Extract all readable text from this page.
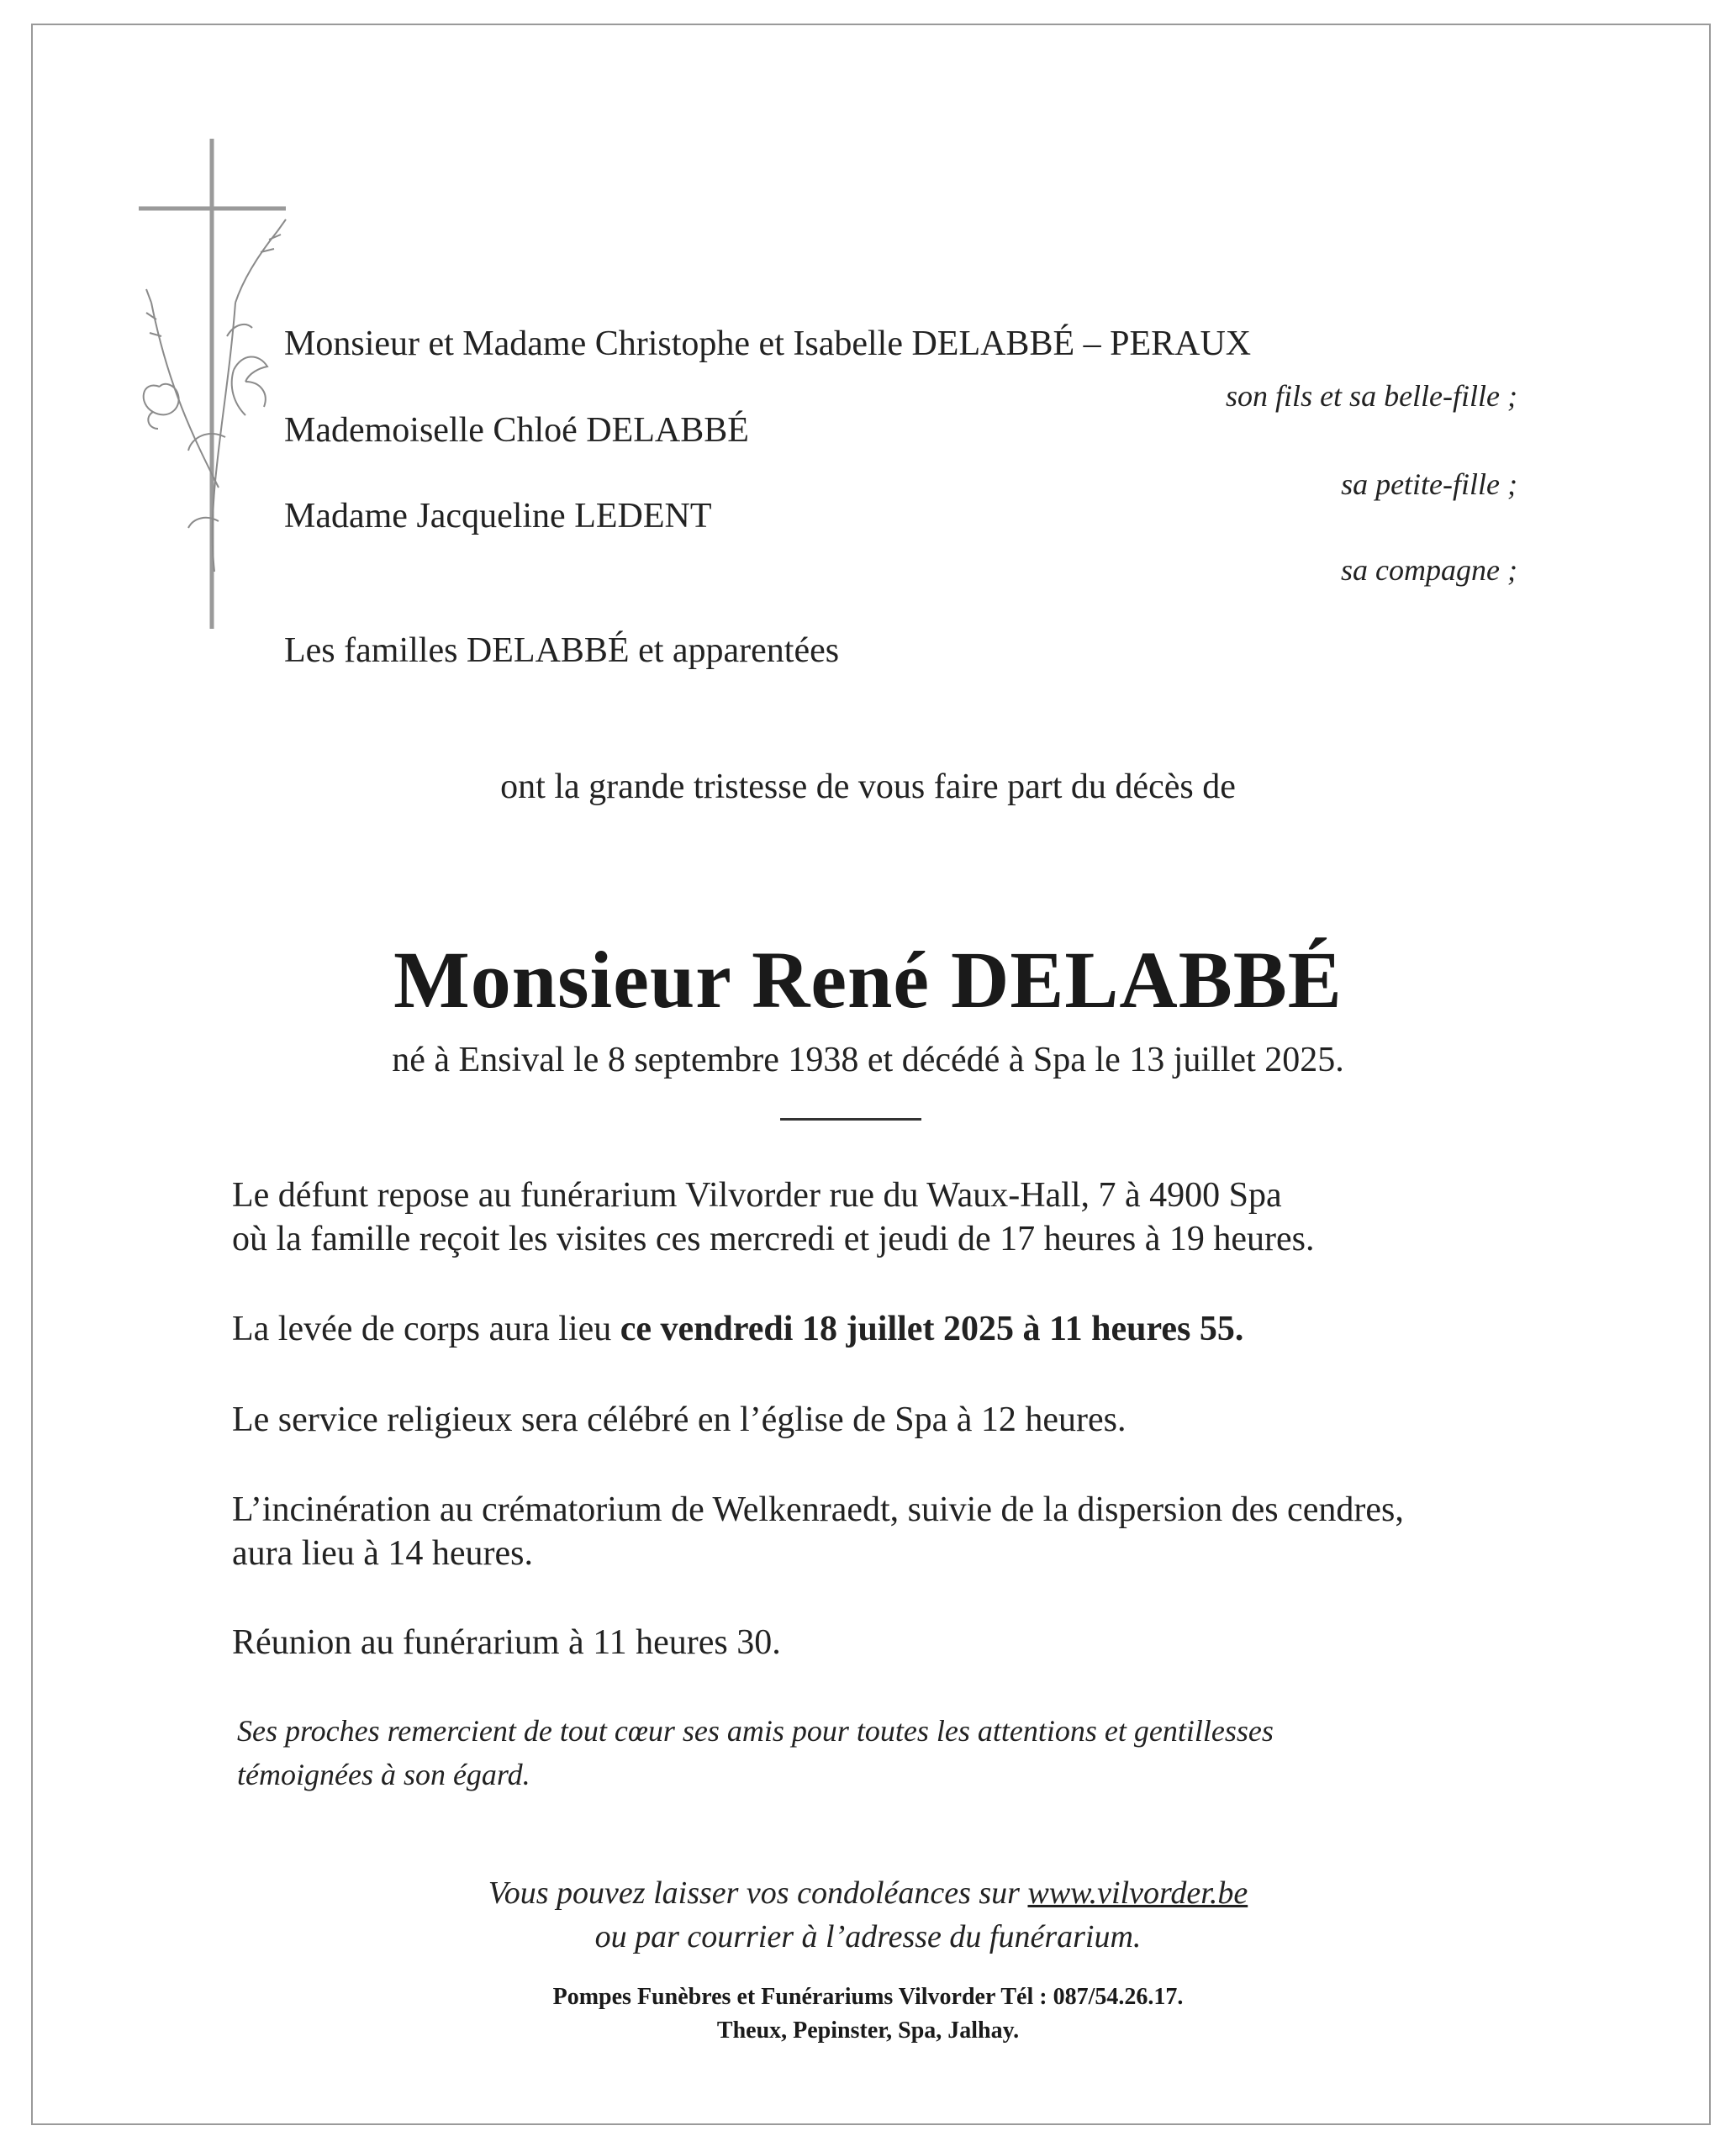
Monsieur et Madame Christophe et Isabelle DELABBÉ – PERAUX
son fils et sa belle-fille ;
Mademoiselle Chloé DELABBÉ
sa petite-fille ;
Madame Jacqueline LEDENT
sa compagne ;
Les familles DELABBÉ et apparentées
ont la grande tristesse de vous faire part du décès de
Monsieur René DELABBÉ
né à Ensival le 8 septembre 1938 et décédé à Spa le 13 juillet 2025.
Le défunt repose au funérarium Vilvorder rue du Waux-Hall, 7 à 4900 Spa
où la famille reçoit les visites ces mercredi et jeudi de 17 heures à 19 heures.
La levée de corps aura lieu ce vendredi 18 juillet 2025 à 11 heures 55.
Le service religieux sera célébré en l’église de Spa à 12 heures.
L’incinération au crématorium de Welkenraedt, suivie de la dispersion des cendres,
aura lieu à 14 heures.
Réunion au funérarium à 11 heures 30.
Ses proches remercient de tout cœur ses amis pour toutes les attentions et gentillesses
témoignées à son égard.
Vous pouvez laisser vos condoléances sur www.vilvorder.be
ou par courrier à l’adresse du funérarium.
Pompes Funèbres et Funérariums Vilvorder Tél : 087/54.26.17.
Theux, Pepinster, Spa, Jalhay.
